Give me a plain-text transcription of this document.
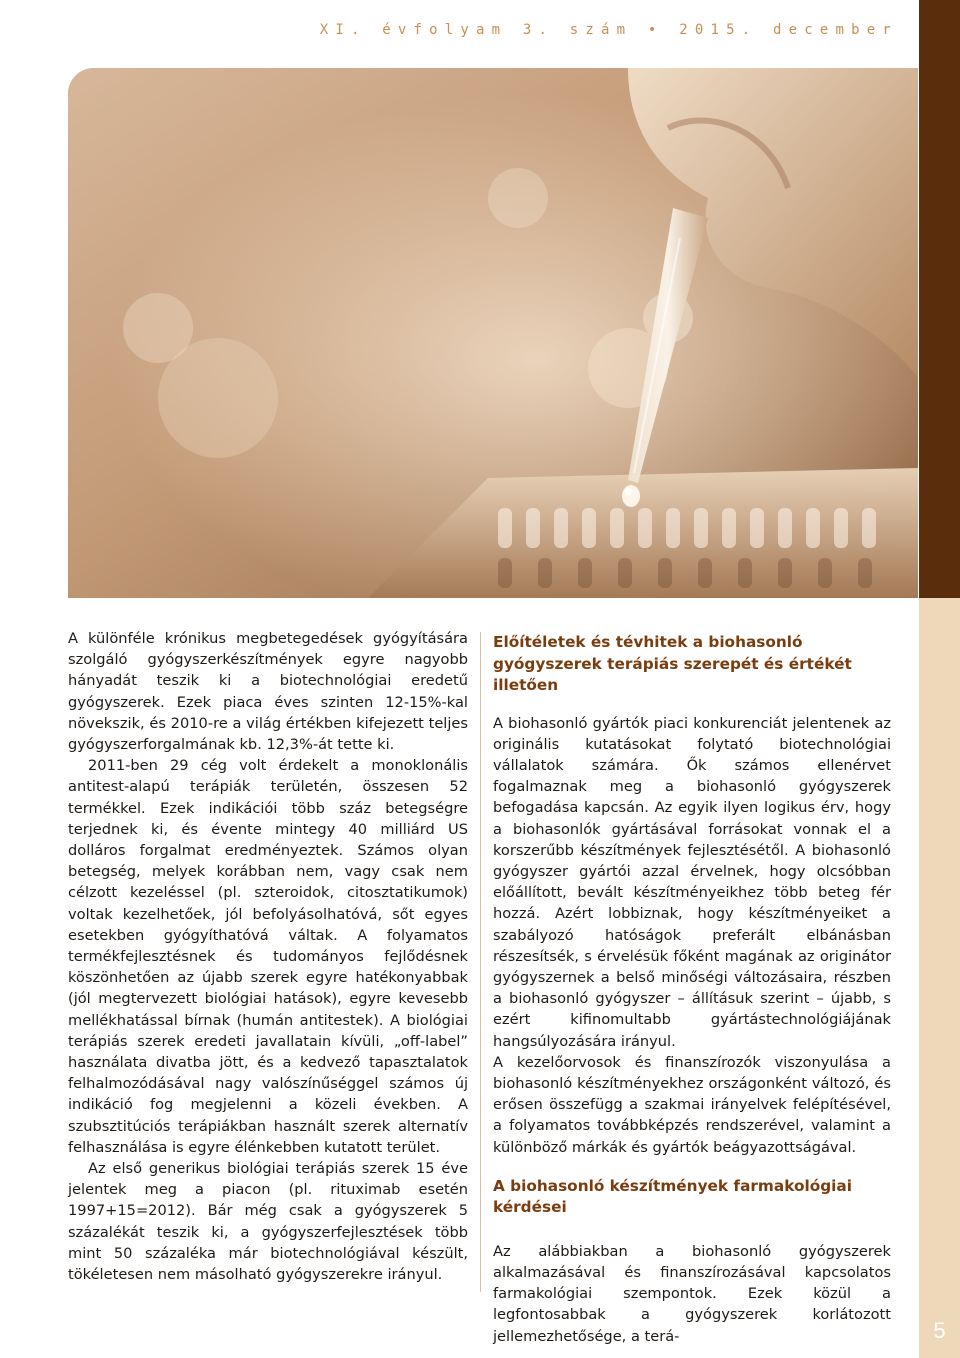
XI. évfolyam 3. szám • 2015. december
5

A különféle krónikus megbetegedések gyógyítására szolgáló gyógyszerkészítmények egyre nagyobb hányadát teszik ki a biotechnológiai eredetű gyógyszerek. Ezek piaca éves szinten 12-15%-kal növekszik, és 2010-re a világ értékben kifejezett teljes gyógyszerforgalmának kb. 12,3%-át tette ki.

2011-ben 29 cég volt érdekelt a monoklonális antitest-alapú terápiák területén, összesen 52 termékkel. Ezek indikációi több száz betegségre terjednek ki, és évente mintegy 40 milliárd US dolláros forgalmat eredményeztek. Számos olyan betegség, melyek korábban nem, vagy csak nem célzott kezeléssel (pl. szteroidok, citosztatikumok) voltak kezelhetőek, jól befolyásolhatóvá, sőt egyes esetekben gyógyíthatóvá váltak. A folyamatos termékfejlesztésnek és tudományos fejlődésnek köszönhetően az újabb szerek egyre hatékonyabbak (jól megtervezett biológiai hatások), egyre kevesebb mellékhatással bírnak (humán antitestek). A biológiai terápiás szerek eredeti javallatain kívüli, „off-label” használata divatba jött, és a kedvező tapasztalatok felhalmozódásával nagy valószínűséggel számos új indikáció fog megjelenni a közeli években. A szubsztitúciós terápiákban használt szerek alternatív felhasználása is egyre élénkebben kutatott terület.

Az első generikus biológiai terápiás szerek 15 éve jelentek meg a piacon (pl. rituximab esetén 1997+15=2012). Bár még csak a gyógyszerek 5 százalékát teszik ki, a gyógyszerfejlesztések több mint 50 százaléka már biotechnológiával készült, tökéletesen nem másolható gyógyszerekre irányul.

Előítéletek és tévhitek a biohasonló gyógyszerek terápiás szerepét és értékét illetően

A biohasonló gyártók piaci konkurenciát jelentenek az originális kutatásokat folytató biotechnológiai vállalatok számára. Ők számos ellenérvet fogalmaznak meg a biohasonló gyógyszerek befogadása kapcsán. Az egyik ilyen logikus érv, hogy a biohasonlók gyártásával forrásokat vonnak el a korszerűbb készítmények fejlesztésétől. A biohasonló gyógyszer gyártói azzal érvelnek, hogy olcsóbban előállított, bevált készítményeikhez több beteg fér hozzá. Azért lobbiznak, hogy készítményeiket a szabályozó hatóságok preferált elbánásban részesítsék, s érvelésük főként magának az originátor gyógyszernek a belső minőségi változásaira, részben a biohasonló gyógyszer – állításuk szerint – újabb, s ezért kifinomultabb gyártástechnológiájának hangsúlyozására irányul.

A kezelőorvosok és finanszírozók viszonyulása a biohasonló készítményekhez országonként változó, és erősen összefügg a szakmai irányelvek felépítésével, a folyamatos továbbképzés rendszerével, valamint a különböző márkák és gyártók beágyazottságával.

A biohasonló készítmények farmakológiai kérdései

Az alábbiakban a biohasonló gyógyszerek alkalmazásával és finanszírozásával kapcsolatos farmakológiai szempontok. Ezek közül a legfontosabbak a gyógyszerek korlátozott jellemezhetősége, a terá-
